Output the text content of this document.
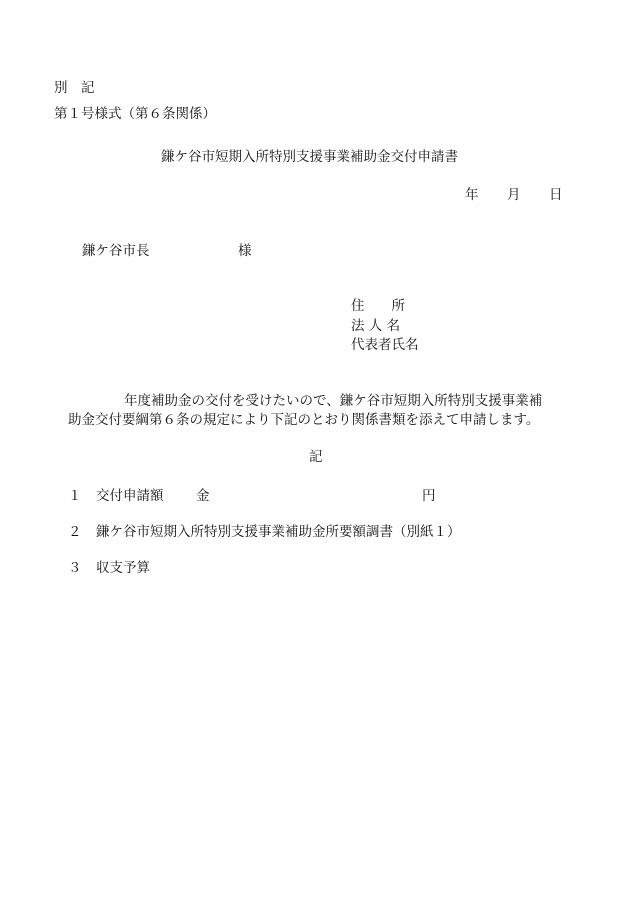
別　記
第１号様式（第６条関係）
鎌ケ谷市短期入所特別支援事業補助金交付申請書
年 月 日
鎌ケ谷市長	様
住　　所
法 人 名
代表者氏名
年度補助金の交付を受けたいので、鎌ケ谷市短期入所特別支援事業補
助金交付要綱第６条の規定により下記のとおり関係書類を添えて申請します。
記
１ 交付申請額 金	円
２ 鎌ケ谷市短期入所特別支援事業補助金所要額調書（別紙１）
３ 収支予算
